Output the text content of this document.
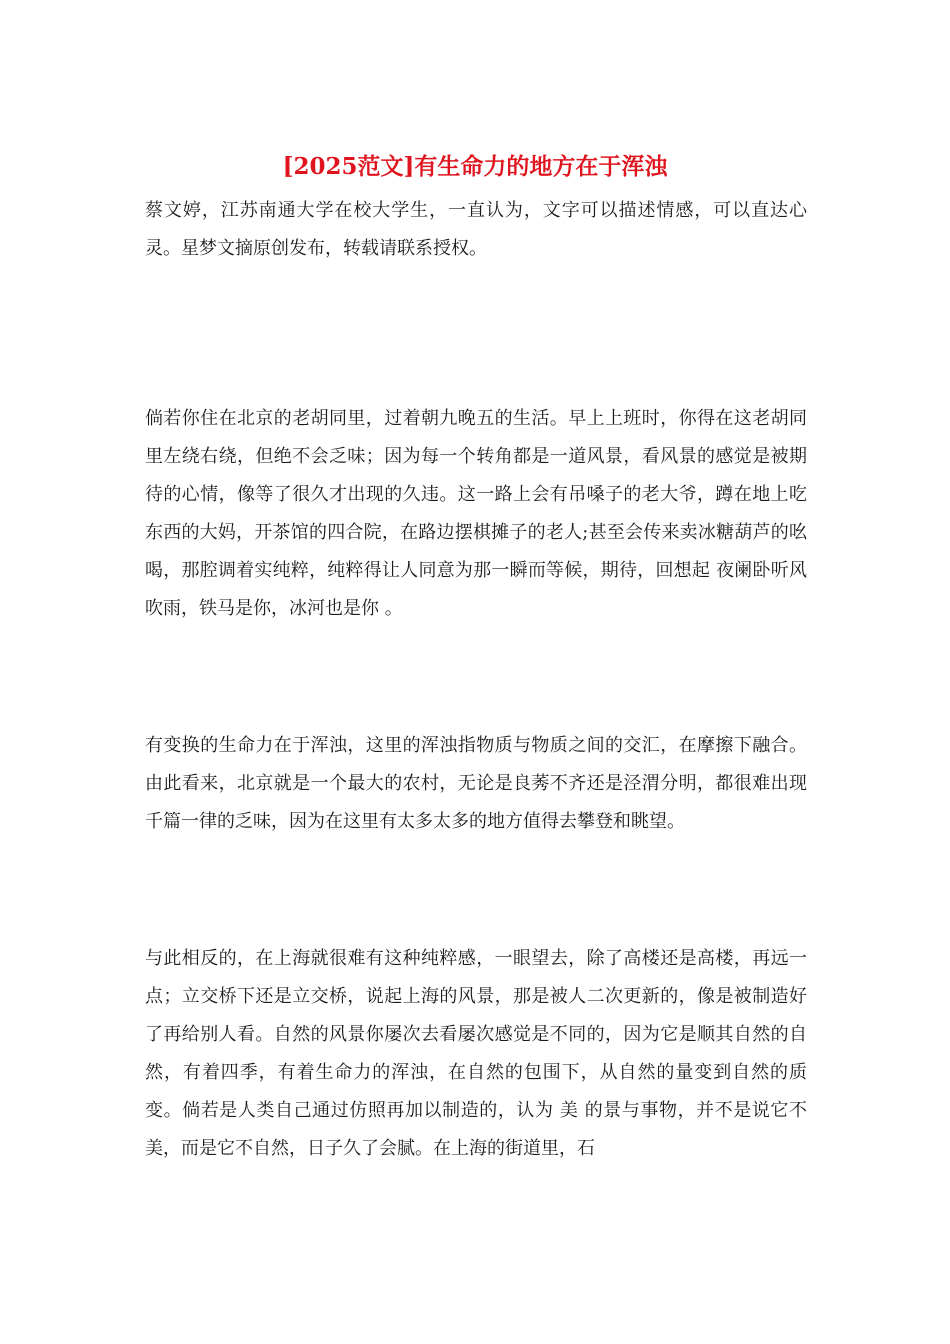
[2025范文]有生命力的地方在于浑浊

蔡文婷，江苏南通大学在校大学生，一直认为，文字可以描述情感，可以直达心灵。星梦文摘原创发布，转载请联系授权。

倘若你住在北京的老胡同里，过着朝九晚五的生活。早上上班时，你得在这老胡同里左绕右绕，但绝不会乏味；因为每一个转角都是一道风景，看风景的感觉是被期待的心情，像等了很久才出现的久违。这一路上会有吊嗓子的老大爷，蹲在地上吃东西的大妈，开茶馆的四合院，在路边摆棋摊子的老人;甚至会传来卖冰糖葫芦的吆喝，那腔调着实纯粹，纯粹得让人同意为那一瞬而等候，期待，回想起 夜阑卧听风吹雨，铁马是你，冰河也是你 。

有变换的生命力在于浑浊，这里的浑浊指物质与物质之间的交汇，在摩擦下融合。由此看来，北京就是一个最大的农村，无论是良莠不齐还是泾渭分明，都很难出现千篇一律的乏味，因为在这里有太多太多的地方值得去攀登和眺望。

与此相反的，在上海就很难有这种纯粹感，一眼望去，除了高楼还是高楼，再远一点；立交桥下还是立交桥，说起上海的风景，那是被人二次更新的，像是被制造好了再给别人看。自然的风景你屡次去看屡次感觉是不同的，因为它是顺其自然的自然，有着四季，有着生命力的浑浊，在自然的包围下，从自然的量变到自然的质变。倘若是人类自己通过仿照再加以制造的，认为 美 的景与事物，并不是说它不美，而是它不自然，日子久了会腻。在上海的街道里，石
